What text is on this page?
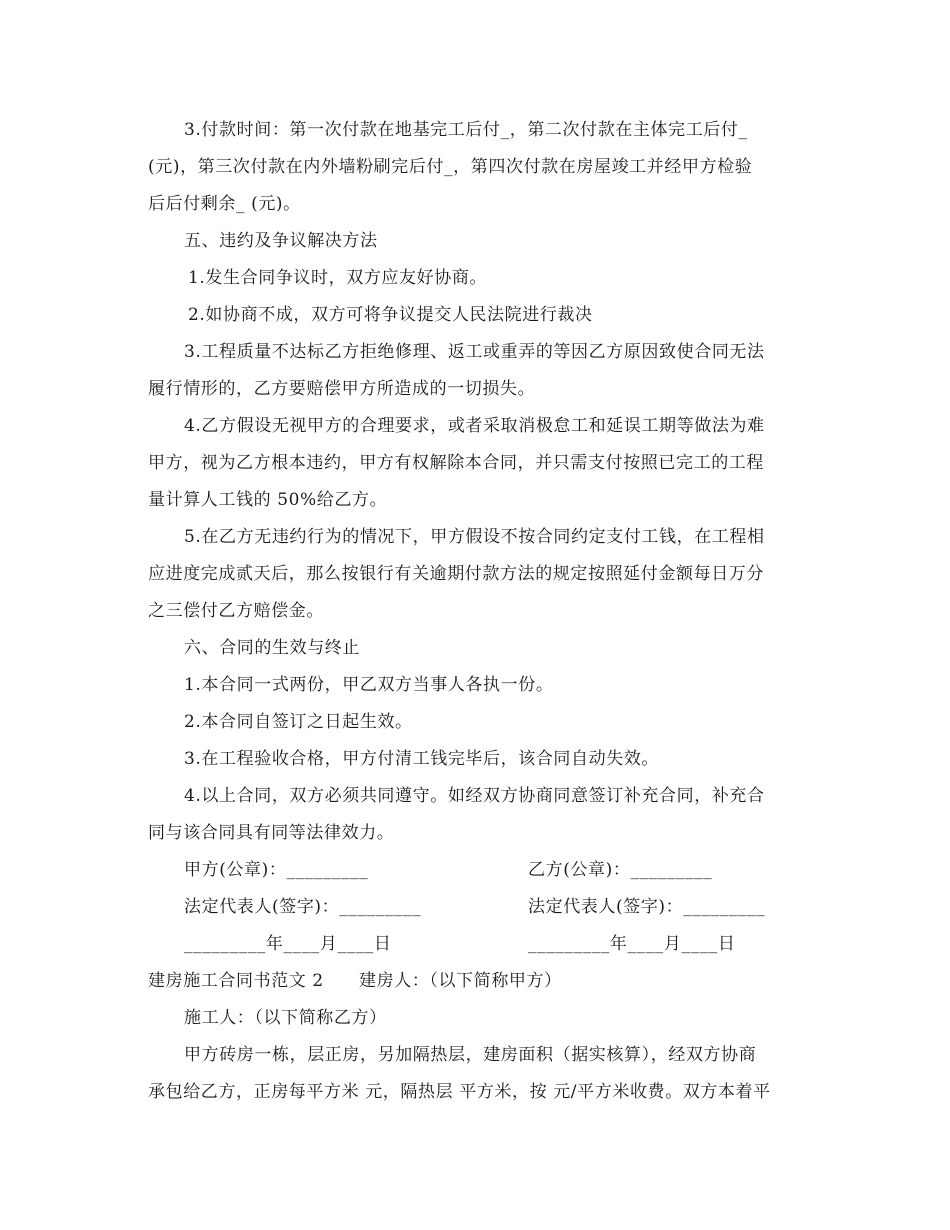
3.付款时间：第一次付款在地基完工后付_，第二次付款在主体完工后付_
(元)，第三次付款在内外墙粉刷完后付_，第四次付款在房屋竣工并经甲方检验
后后付剩余_ (元)。
五、违约及争议解决方法
1.发生合同争议时，双方应友好协商。
2.如协商不成，双方可将争议提交人民法院进行裁决
3.工程质量不达标乙方拒绝修理、返工或重弄的等因乙方原因致使合同无法
履行情形的，乙方要赔偿甲方所造成的一切损失。
4.乙方假设无视甲方的合理要求，或者采取消极怠工和延误工期等做法为难
甲方，视为乙方根本违约，甲方有权解除本合同，并只需支付按照已完工的工程
量计算人工钱的 50%给乙方。
5.在乙方无违约行为的情况下，甲方假设不按合同约定支付工钱，在工程相
应进度完成贰天后，那么按银行有关逾期付款方法的规定按照延付金额每日万分
之三偿付乙方赔偿金。
六、合同的生效与终止
1.本合同一式两份，甲乙双方当事人各执一份。
2.本合同自签订之日起生效。
3.在工程验收合格，甲方付清工钱完毕后，该合同自动失效。
4.以上合同，双方必须共同遵守。如经双方协商同意签订补充合同，补充合
同与该合同具有同等法律效力。
甲方(公章)：_________	乙方(公章)：_________
法定代表人(签字)：_________	法定代表人(签字)：_________
_________年____月____日	_________年____月____日
建房施工合同书范文 2　　建房人：（以下简称甲方）
施工人：（以下简称乙方）
甲方砖房一栋，层正房，另加隔热层，建房面积（据实核算），经双方协商
承包给乙方，正房每平方米 元，隔热层 平方米，按 元/平方米收费。双方本着平
